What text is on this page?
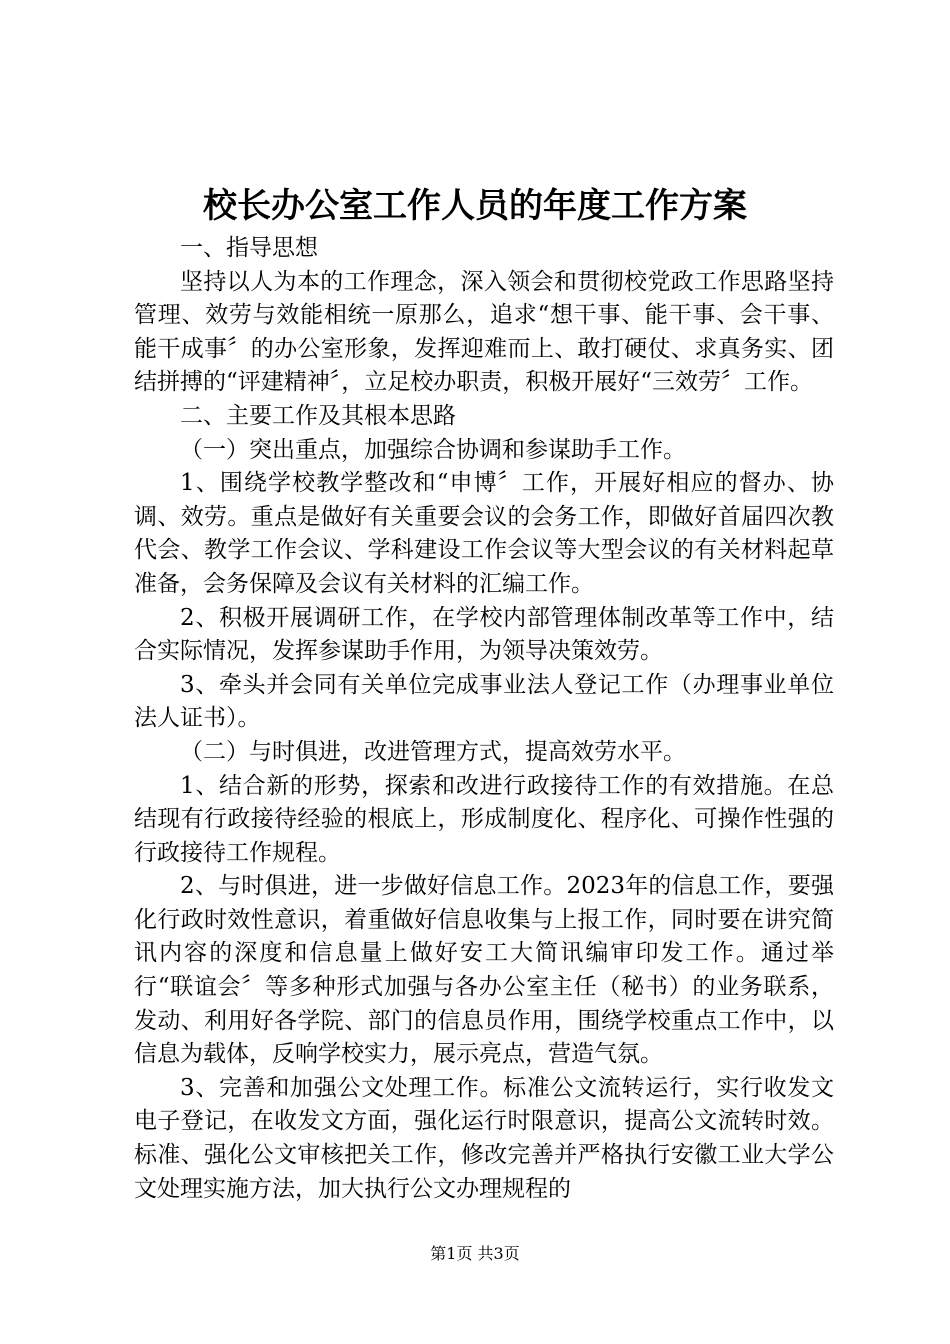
校长办公室工作人员的年度工作方案

一、指导思想

坚持以人为本的工作理念，深入领会和贯彻校党政工作思路坚持管理、效劳与效能相统一原那么，追求“想干事、能干事、会干事、能干成事〞的办公室形象，发挥迎难而上、敢打硬仗、求真务实、团结拼搏的“评建精神〞，立足校办职责，积极开展好“三效劳〞工作。

二、主要工作及其根本思路

（一）突出重点，加强综合协调和参谋助手工作。

1、围绕学校教学整改和“申博〞工作，开展好相应的督办、协调、效劳。重点是做好有关重要会议的会务工作，即做好首届四次教代会、教学工作会议、学科建设工作会议等大型会议的有关材料起草准备，会务保障及会议有关材料的汇编工作。

2、积极开展调研工作，在学校内部管理体制改革等工作中，结合实际情况，发挥参谋助手作用，为领导决策效劳。

3、牵头并会同有关单位完成事业法人登记工作（办理事业单位法人证书）。

（二）与时俱进，改进管理方式，提高效劳水平。

1、结合新的形势，探索和改进行政接待工作的有效措施。在总结现有行政接待经验的根底上，形成制度化、程序化、可操作性强的行政接待工作规程。

2、与时俱进，进一步做好信息工作。2023年的信息工作，要强化行政时效性意识，着重做好信息收集与上报工作，同时要在讲究简讯内容的深度和信息量上做好安工大简讯编审印发工作。通过举行“联谊会〞等多种形式加强与各办公室主任（秘书）的业务联系，发动、利用好各学院、部门的信息员作用，围绕学校重点工作中，以信息为载体，反响学校实力，展示亮点，营造气氛。

3、完善和加强公文处理工作。标准公文流转运行，实行收发文电子登记，在收发文方面，强化运行时限意识，提高公文流转时效。标准、强化公文审核把关工作，修改完善并严格执行安徽工业大学公文处理实施方法，加大执行公文办理规程的

第1页 共3页
